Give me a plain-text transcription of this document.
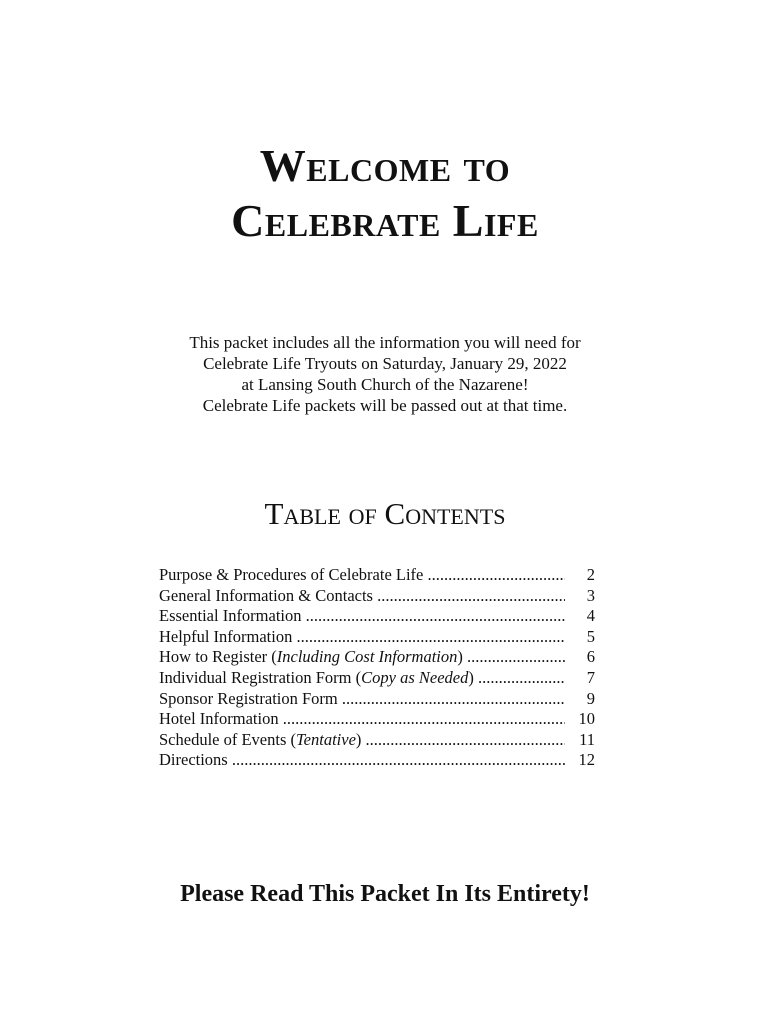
Welcome to
Celebrate Life
This packet includes all the information you will need for
Celebrate Life Tryouts on Saturday, January 29, 2022
at Lansing South Church of the Nazarene!
Celebrate Life packets will be passed out at that time.
Table of Contents
Purpose & Procedures of Celebrate Life .....	2
General Information & Contacts .....	3
Essential Information .....	4
Helpful Information .....	5
How to Register (Including Cost Information) .....	6
Individual Registration Form (Copy as Needed) .....	7
Sponsor Registration Form .....	9
Hotel Information .....	10
Schedule of Events (Tentative) .....	11
Directions .....	12
Please Read This Packet In Its Entirety!
